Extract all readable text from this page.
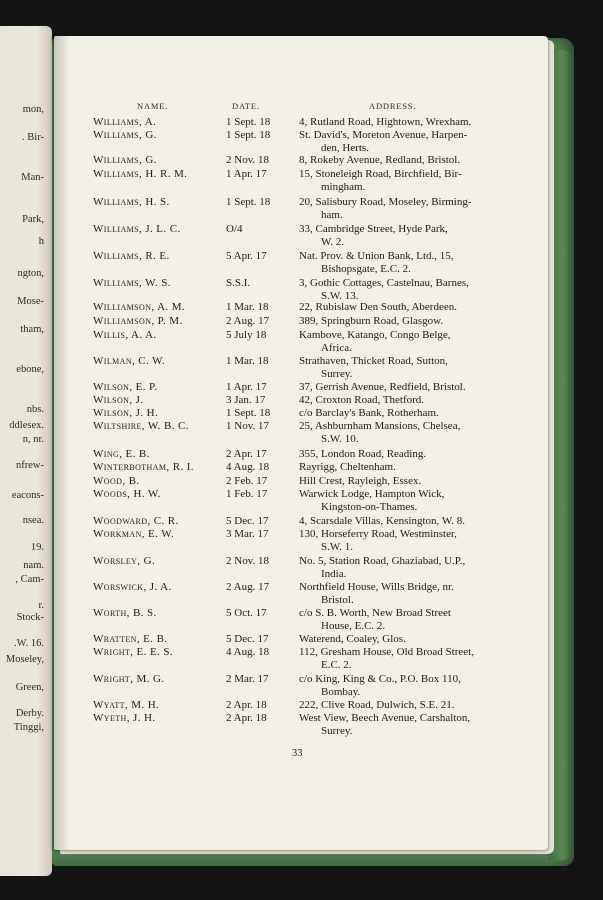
mon,
. Bir-
Man-
Park,
h
ngton,
Mose-
tham,
ebone,
nbs.
ddlesex.
n, nr.
nfrew-
eacons-
nsea.
19.
nam.
, Cam-
r.
Stock-
.W. 16.
Moseley,
Green,
Derby.
Tinggi,
NAME.	DATE.	ADDRESS.
Williams, A.	1 Sept. 18	4, Rutland Road, Hightown, Wrexham.
Williams, G.	1 Sept. 18	St. David's, Moreton Avenue, Harpen-
den, Herts.
Williams, G.	2 Nov. 18	8, Rokeby Avenue, Redland, Bristol.
Williams, H. R. M.	1 Apr. 17	15, Stoneleigh Road, Birchfield, Bir-
mingham.
Williams, H. S.	1 Sept. 18	20, Salisbury Road, Moseley, Birming-
ham.
Williams, J. L. C.	O/4	33, Cambridge Street, Hyde Park,
W. 2.
Williams, R. E.	5 Apr. 17	Nat. Prov. & Union Bank, Ltd., 15,
Bishopsgate, E.C. 2.
Williams, W. S.	S.S.I.	3, Gothic Cottages, Castelnau, Barnes,
S.W. 13.
Williamson, A. M.	1 Mar. 18	22, Rubislaw Den South, Aberdeen.
Williamson, P. M.	2 Aug. 17	389, Springburn Road, Glasgow.
Willis, A. A.	5 July 18	Kambove, Katango, Congo Belge,
Africa.
Wilman, C. W.	1 Mar. 18	Strathaven, Thicket Road, Sutton,
Surrey.
Wilson, E. P.	1 Apr. 17	37, Gerrish Avenue, Redfield, Bristol.
Wilson, J.	3 Jan. 17	42, Croxton Road, Thetford.
Wilson, J. H.	1 Sept. 18	c/o Barclay's Bank, Rotherham.
Wiltshire, W. B. C.	1 Nov. 17	25, Ashburnham Mansions, Chelsea,
S.W. 10.
Wing, E. B.	2 Apr. 17	355, London Road, Reading.
Winterbotham, R. I.	4 Aug. 18	Rayrigg, Cheltenham.
Wood, B.	2 Feb. 17	Hill Crest, Rayleigh, Essex.
Woods, H. W.	1 Feb. 17	Warwick Lodge, Hampton Wick,
Kingston-on-Thames.
Woodward, C. R.	5 Dec. 17	4, Scarsdale Villas, Kensington, W. 8.
Workman, E. W.	3 Mar. 17	130, Horseferry Road, Westminster,
S.W. 1.
Worsley, G.	2 Nov. 18	No. 5, Station Road, Ghaziabad, U.P.,
India.
Worswick, J. A.	2 Aug. 17	Northfield House, Wills Bridge, nr.
Bristol.
Worth, B. S.	5 Oct. 17	c/o S. B. Worth, New Broad Street
House, E.C. 2.
Wratten, E. B.	5 Dec. 17	Waterend, Coaley, Glos.
Wright, E. E. S.	4 Aug. 18	112, Gresham House, Old Broad Street,
E.C. 2.
Wright, M. G.	2 Mar. 17	c/o King, King & Co., P.O. Box 110,
Bombay.
Wyatt, M. H.	2 Apr. 18	222, Clive Road, Dulwich, S.E. 21.
Wyeth, J. H.	2 Apr. 18	West View, Beech Avenue, Carshalton,
Surrey.
33
